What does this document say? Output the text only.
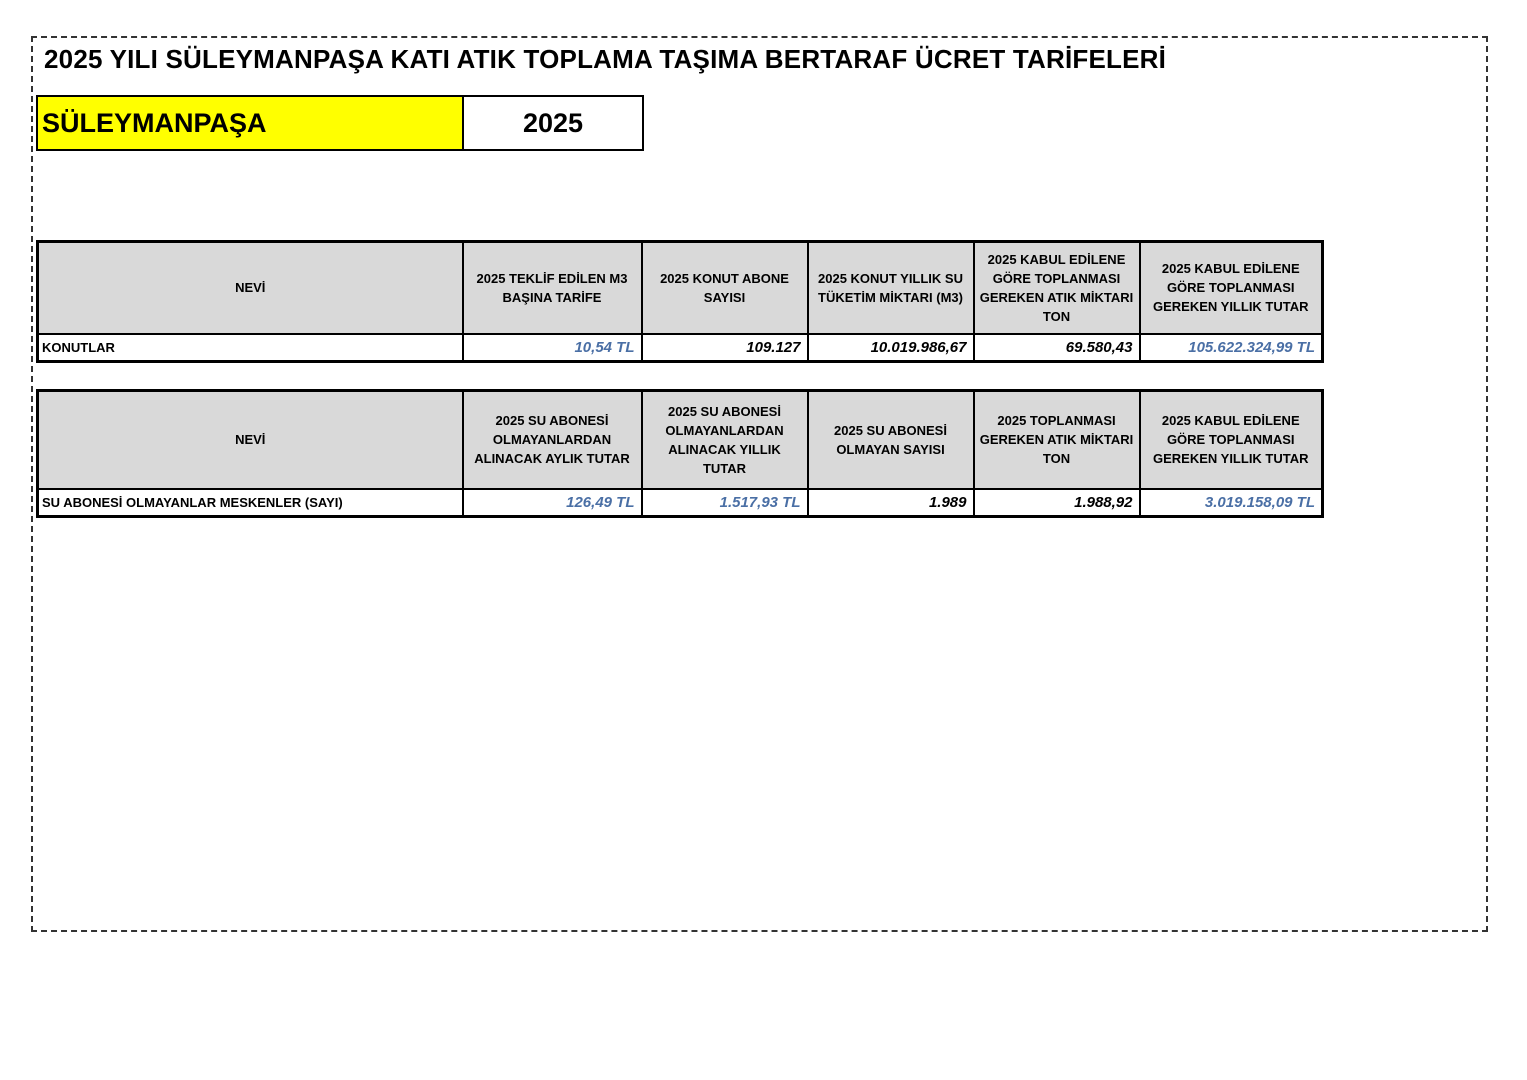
2025 YILI SÜLEYMANPAŞA KATI ATIK TOPLAMA TAŞIMA BERTARAF ÜCRET TARİFELERİ
SÜLEYMANPAŞA	2025
NEVİ	2025 TEKLİF EDİLEN M3 BAŞINA TARİFE	2025 KONUT ABONE SAYISI	2025 KONUT YILLIK SU TÜKETİM MİKTARI (M3)	2025 KABUL EDİLENE GÖRE TOPLANMASI GEREKEN ATIK MİKTARI TON	2025 KABUL EDİLENE GÖRE TOPLANMASI GEREKEN YILLIK TUTAR
KONUTLAR	10,54 TL	109.127	10.019.986,67	69.580,43	105.622.324,99 TL
NEVİ	2025 SU ABONESİ OLMAYANLARDAN ALINACAK AYLIK TUTAR	2025 SU ABONESİ OLMAYANLARDAN ALINACAK YILLIK TUTAR	2025 SU ABONESİ OLMAYAN SAYISI	2025 TOPLANMASI GEREKEN ATIK MİKTARI TON	2025 KABUL EDİLENE GÖRE TOPLANMASI GEREKEN YILLIK TUTAR
SU ABONESİ OLMAYANLAR MESKENLER (SAYI)	126,49 TL	1.517,93 TL	1.989	1.988,92	3.019.158,09 TL
